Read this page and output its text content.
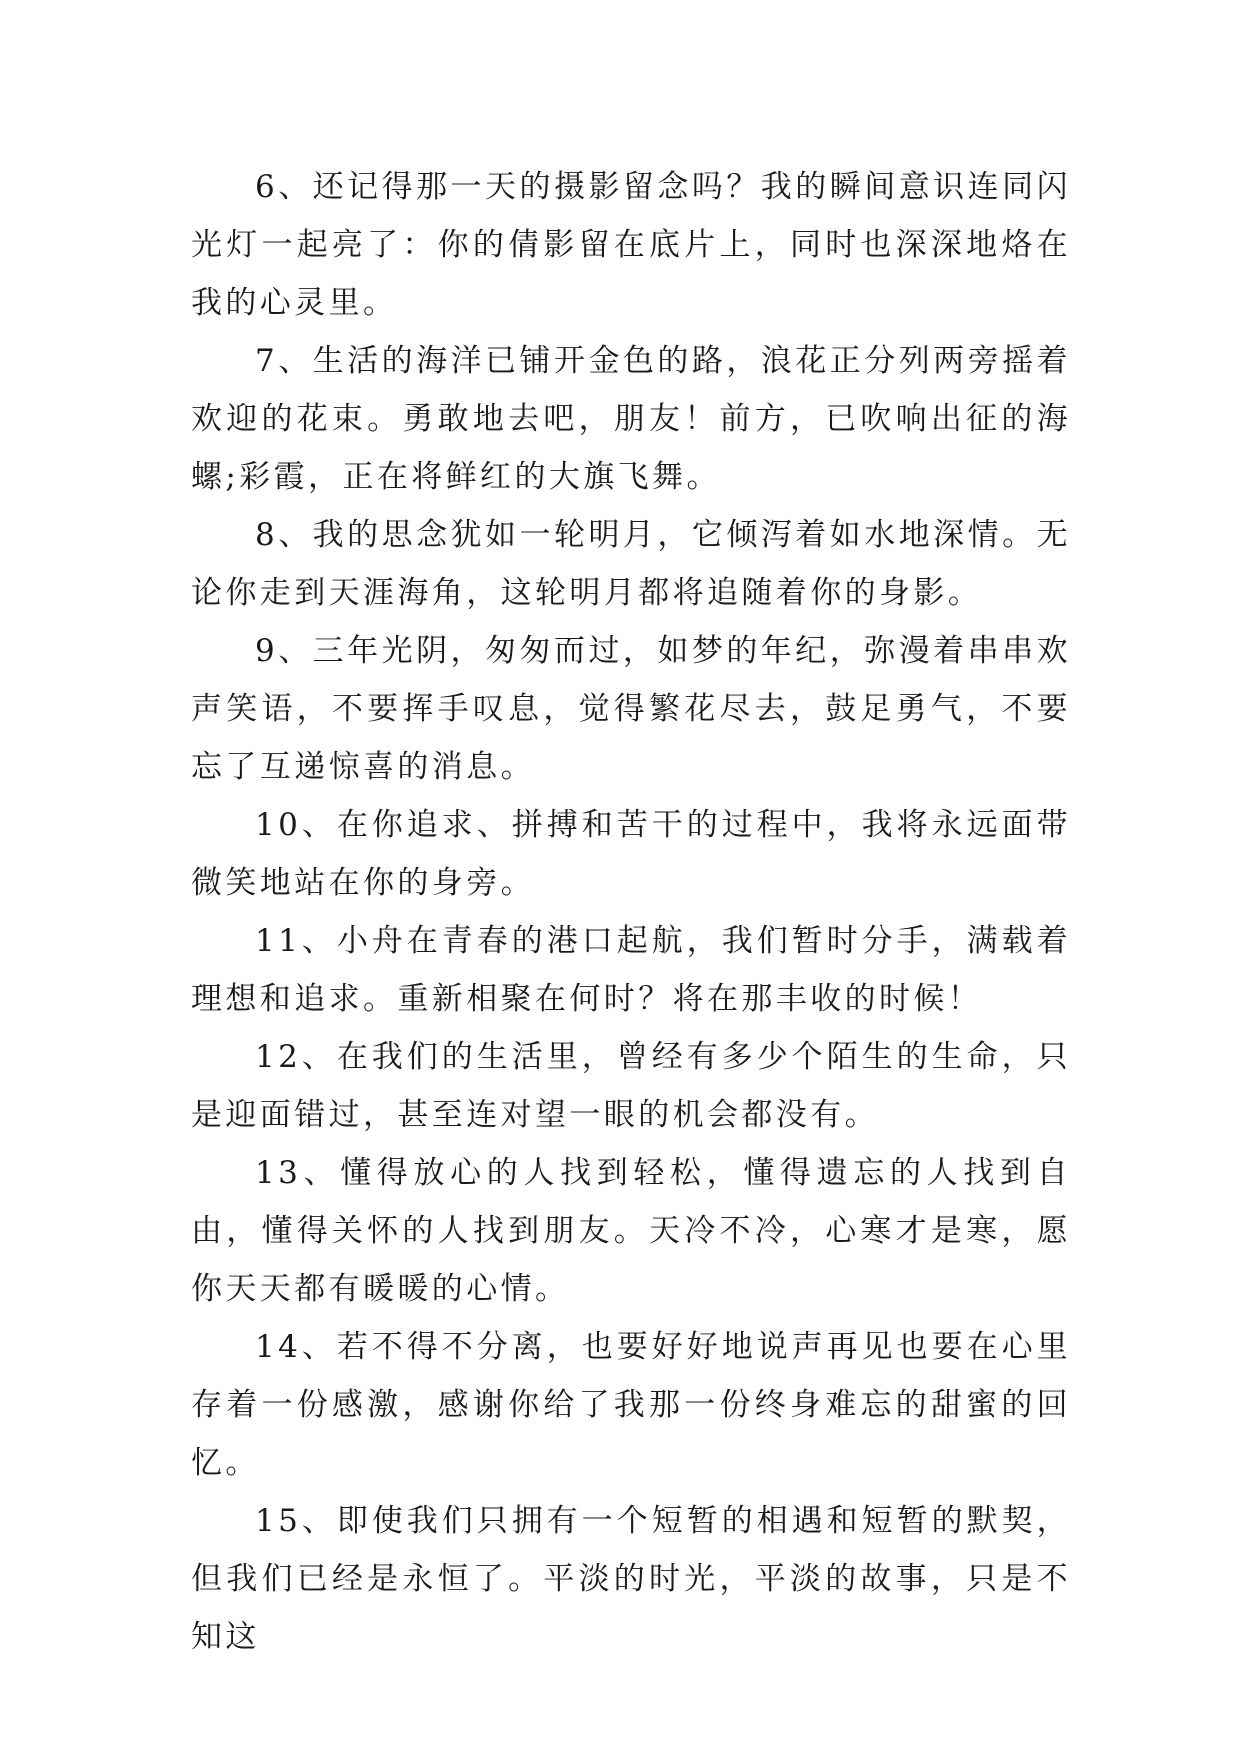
6、还记得那一天的摄影留念吗？我的瞬间意识连同闪光灯一起亮了：你的倩影留在底片上，同时也深深地烙在我的心灵里。

7、生活的海洋已铺开金色的路，浪花正分列两旁摇着欢迎的花束。勇敢地去吧，朋友！前方，已吹响出征的海螺;彩霞，正在将鲜红的大旗飞舞。

8、我的思念犹如一轮明月，它倾泻着如水地深情。无论你走到天涯海角，这轮明月都将追随着你的身影。

9、三年光阴，匆匆而过，如梦的年纪，弥漫着串串欢声笑语，不要挥手叹息，觉得繁花尽去，鼓足勇气，不要忘了互递惊喜的消息。

10、在你追求、拼搏和苦干的过程中，我将永远面带微笑地站在你的身旁。

11、小舟在青春的港口起航，我们暂时分手，满载着理想和追求。重新相聚在何时？将在那丰收的时候！

12、在我们的生活里，曾经有多少个陌生的生命，只是迎面错过，甚至连对望一眼的机会都没有。

13、懂得放心的人找到轻松，懂得遗忘的人找到自由，懂得关怀的人找到朋友。天冷不冷，心寒才是寒，愿你天天都有暖暖的心情。

14、若不得不分离，也要好好地说声再见也要在心里存着一份感激，感谢你给了我那一份终身难忘的甜蜜的回忆。

15、即使我们只拥有一个短暂的相遇和短暂的默契，但我们已经是永恒了。平淡的时光，平淡的故事，只是不知这
